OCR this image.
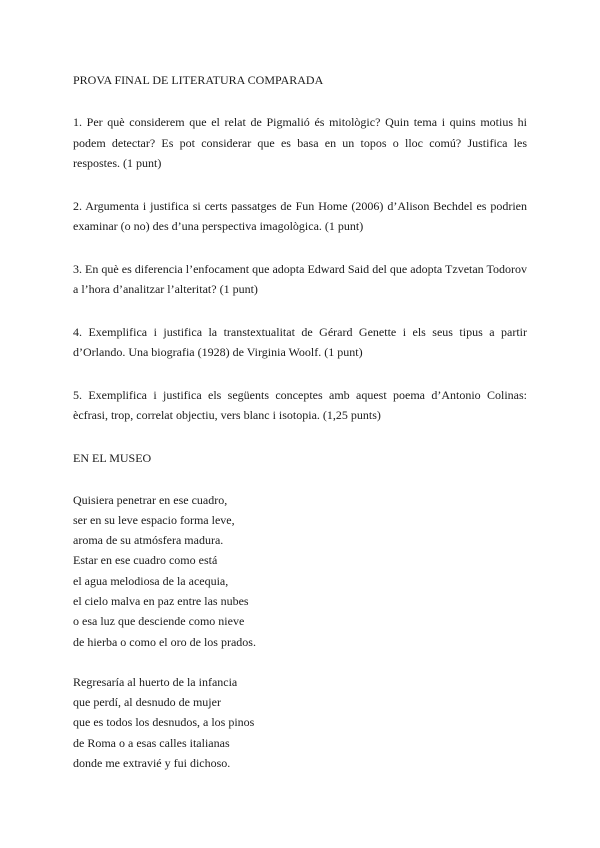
PROVA FINAL DE LITERATURA COMPARADA

1. Per què considerem que el relat de Pigmalió és mitològic? Quin tema i quins motius hi podem detectar? Es pot considerar que es basa en un topos o lloc comú? Justifica les respostes. (1 punt)

2. Argumenta i justifica si certs passatges de Fun Home (2006) d’Alison Bechdel es podrien examinar (o no) des d’una perspectiva imagològica. (1 punt)

3. En què es diferencia l’enfocament que adopta Edward Said del que adopta Tzvetan Todorov a l’hora d’analitzar l’alteritat? (1 punt)

4. Exemplifica i justifica la transtextualitat de Gérard Genette i els seus tipus a partir d’Orlando. Una biografia (1928) de Virginia Woolf. (1 punt)

5. Exemplifica i justifica els següents conceptes amb aquest poema d’Antonio Colinas: ècfrasi, trop, correlat objectiu, vers blanc i isotopia. (1,25 punts)

EN EL MUSEO
Quisiera penetrar en ese cuadro,
ser en su leve espacio forma leve,
aroma de su atmósfera madura.
Estar en ese cuadro como está
el agua melodiosa de la acequia,
el cielo malva en paz entre las nubes
o esa luz que desciende como nieve
de hierba o como el oro de los prados.
Regresaría al huerto de la infancia
que perdí, al desnudo de mujer
que es todos los desnudos, a los pinos
de Roma o a esas calles italianas
donde me extravié y fui dichoso.
